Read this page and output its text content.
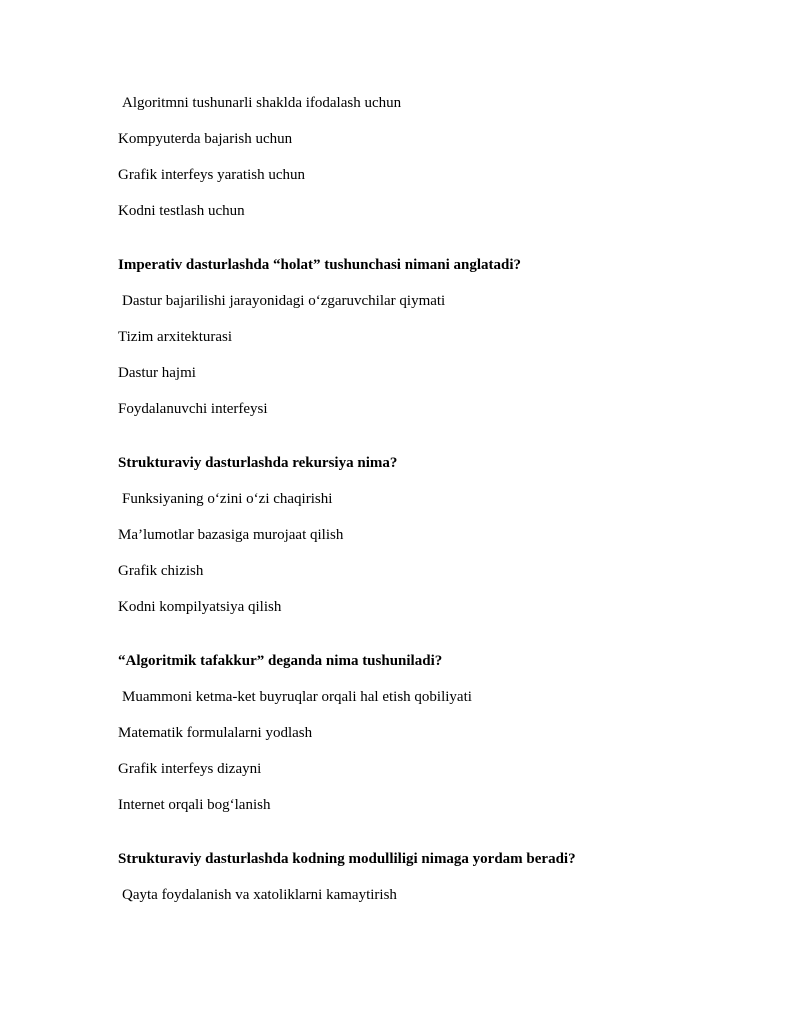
Algoritmni tushunarli shaklda ifodalash uchun
Kompyuterda bajarish uchun
Grafik interfeys yaratish uchun
Kodni testlash uchun
Imperativ dasturlashda “holat” tushunchasi nimani anglatadi?
Dastur bajarilishi jarayonidagi o‘zgaruvchilar qiymati
Tizim arxitekturasi
Dastur hajmi
Foydalanuvchi interfeysi
Strukturaviy dasturlashda rekursiya nima?
Funksiyaning o‘zini o‘zi chaqirishi
Ma’lumotlar bazasiga murojaat qilish
Grafik chizish
Kodni kompilyatsiya qilish
“Algoritmik tafakkur” deganda nima tushuniladi?
Muammoni ketma-ket buyruqlar orqali hal etish qobiliyati
Matematik formulalarni yodlash
Grafik interfeys dizayni
Internet orqali bog‘lanish
Strukturaviy dasturlashda kodning modulliligi nimaga yordam beradi?
Qayta foydalanish va xatoliklarni kamaytirish
